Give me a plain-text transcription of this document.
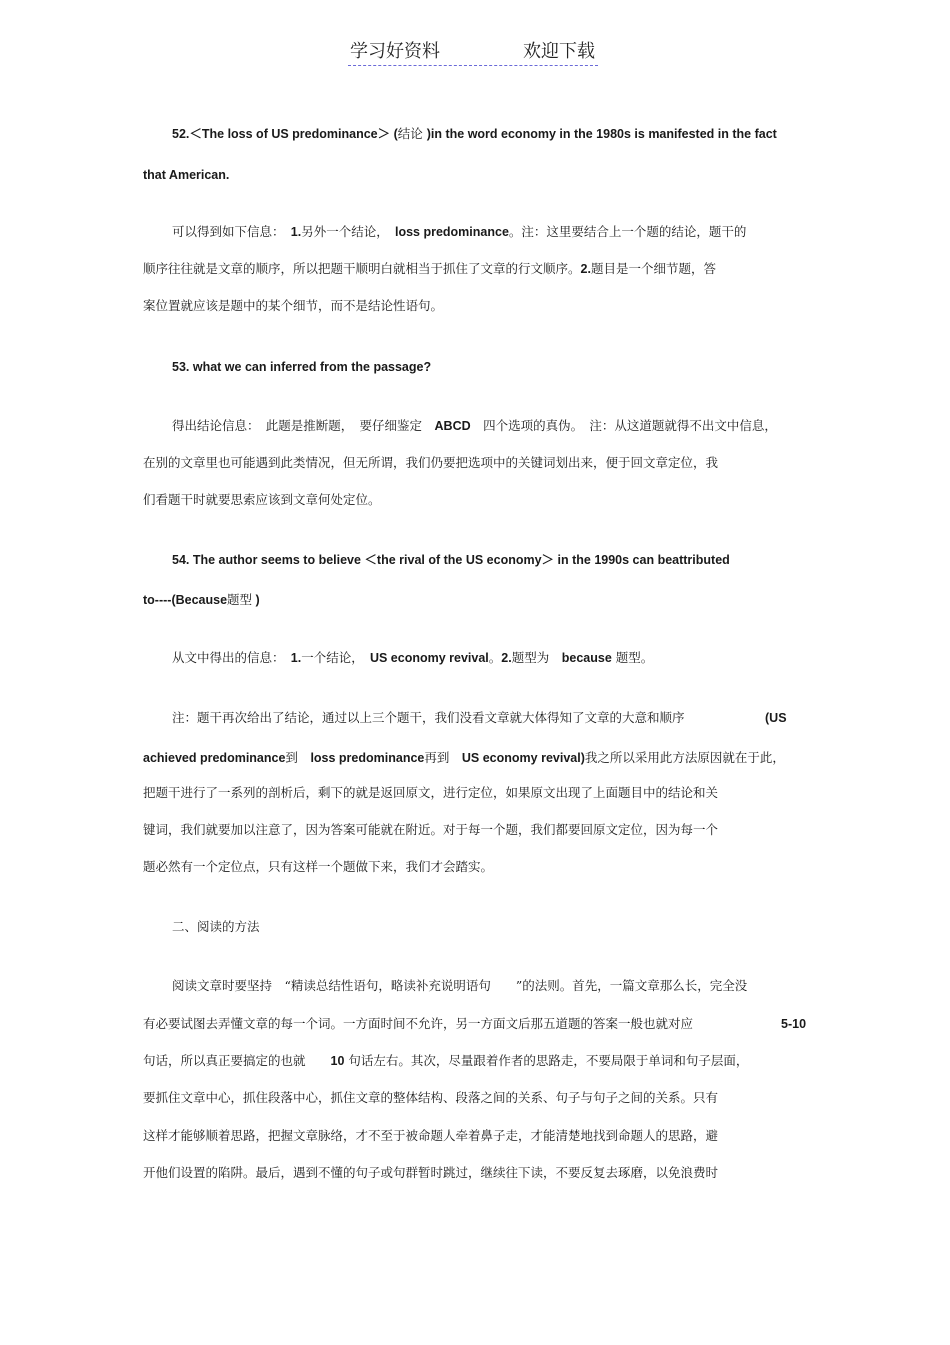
学习好资料	欢迎下载
52.＜The loss of US predominance＞ (结论 )in the word economy in the 1980s is manifested in the fact
that American.
可以得到如下信息：　1.另外一个结论，　loss predominance。注：这里要结合上一个题的结论，题干的
顺序往往就是文章的顺序，所以把题干顺明白就相当于抓住了文章的行文顺序。2.题目是一个细节题，答
案位置就应该是题中的某个细节，而不是结论性语句。
53. what we can inferred from the passage?
得出结论信息：　此题是推断题，　要仔细鉴定　ABCD　四个选项的真伪。　注：从这道题就得不出文中信息，
在别的文章里也可能遇到此类情况，但无所谓，我们仍要把选项中的关键词划出来，便于回文章定位，我
们看题干时就要思索应该到文章何处定位。
54. The author seems to believe ＜the rival of the US economy＞ in the 1990s can beattributed
to----(Because题型 )
从文中得出的信息：　1.一个结论，　US economy revival。2.题型为　because 题型。
注：题干再次给出了结论，通过以上三个题干，我们没看文章就大体得知了文章的大意和顺序	(US
achieved predominance到　loss predominance再到　US economy revival)我之所以采用此方法原因就在于此，
把题干进行了一系列的剖析后，剩下的就是返回原文，进行定位，如果原文出现了上面题目中的结论和关
键词，我们就要加以注意了，因为答案可能就在附近。对于每一个题，我们都要回原文定位，因为每一个
题必然有一个定位点，只有这样一个题做下来，我们才会踏实。
二、阅读的方法
阅读文章时要坚持　“精读总结性语句，略读补充说明语句　　”的法则。首先，一篇文章那么长，完全没
有必要试图去弄懂文章的每一个词。一方面时间不允许，另一方面文后那五道题的答案一般也就对应	5-10
句话，所以真正要搞定的也就　　10 句话左右。其次，尽量跟着作者的思路走，不要局限于单词和句子层面，
要抓住文章中心，抓住段落中心，抓住文章的整体结构、段落之间的关系、句子与句子之间的关系。只有
这样才能够顺着思路，把握文章脉络，才不至于被命题人牵着鼻子走，才能清楚地找到命题人的思路，避
开他们设置的陷阱。最后，遇到不懂的句子或句群暂时跳过，继续往下读，不要反复去琢磨，以免浪费时
